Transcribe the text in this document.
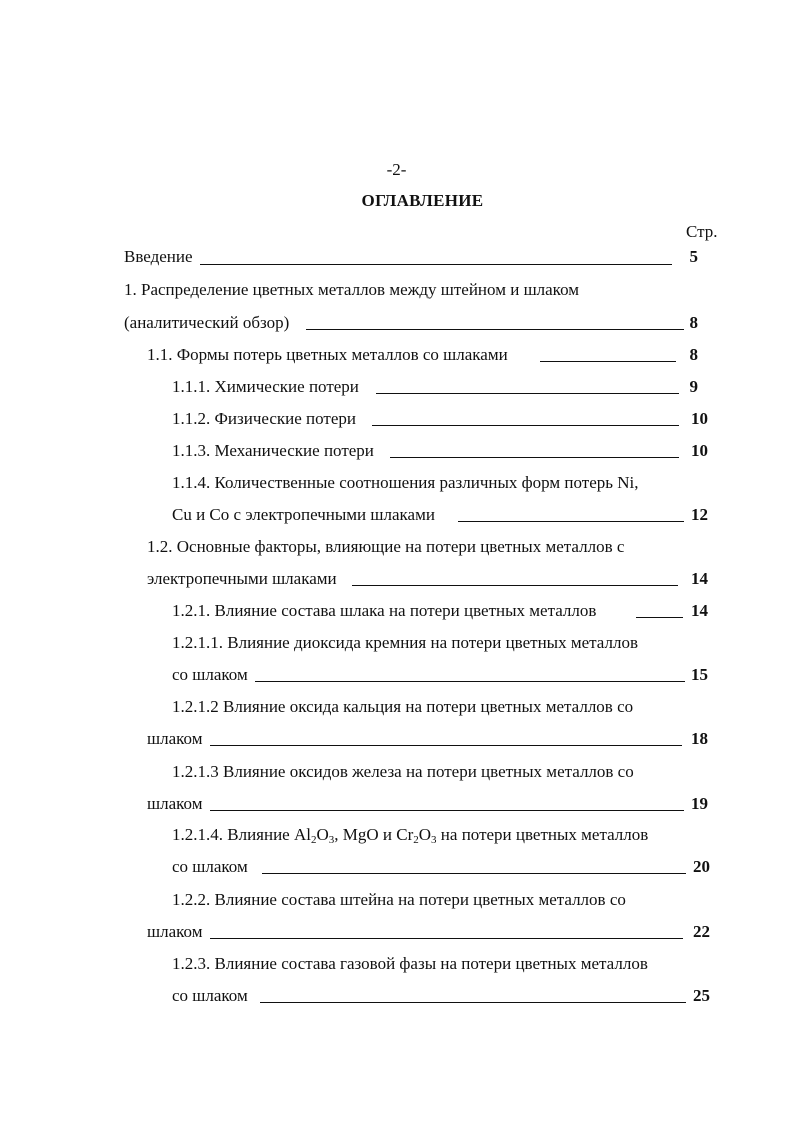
-2-
ОГЛАВЛЕНИЕ
Стр.
Введение	5
1. Распределение цветных металлов между штейном и шлаком
(аналитический обзор)	8
1.1. Формы потерь цветных металлов со шлаками	8
1.1.1. Химические потери	9
1.1.2. Физические потери	10
1.1.3. Механические потери	10
1.1.4. Количественные соотношения различных форм потерь Ni,
Cu и Co с электропечными шлаками	12
1.2. Основные факторы, влияющие на потери цветных металлов с
электропечными шлаками	14
1.2.1. Влияние состава шлака на потери цветных металлов	14
1.2.1.1. Влияние диоксида кремния на потери цветных металлов
со шлаком	15
1.2.1.2 Влияние оксида кальция на потери цветных металлов со
шлаком	18
1.2.1.3 Влияние оксидов железа на потери цветных металлов со
шлаком	19
1.2.1.4. Влияние $Al_2O_3$, MgO и $Cr_2O_3$ на потери цветных металлов
со шлаком	20
1.2.2. Влияние состава штейна на потери цветных металлов со
шлаком	22
1.2.3. Влияние состава газовой фазы на потери цветных металлов
со шлаком	25
